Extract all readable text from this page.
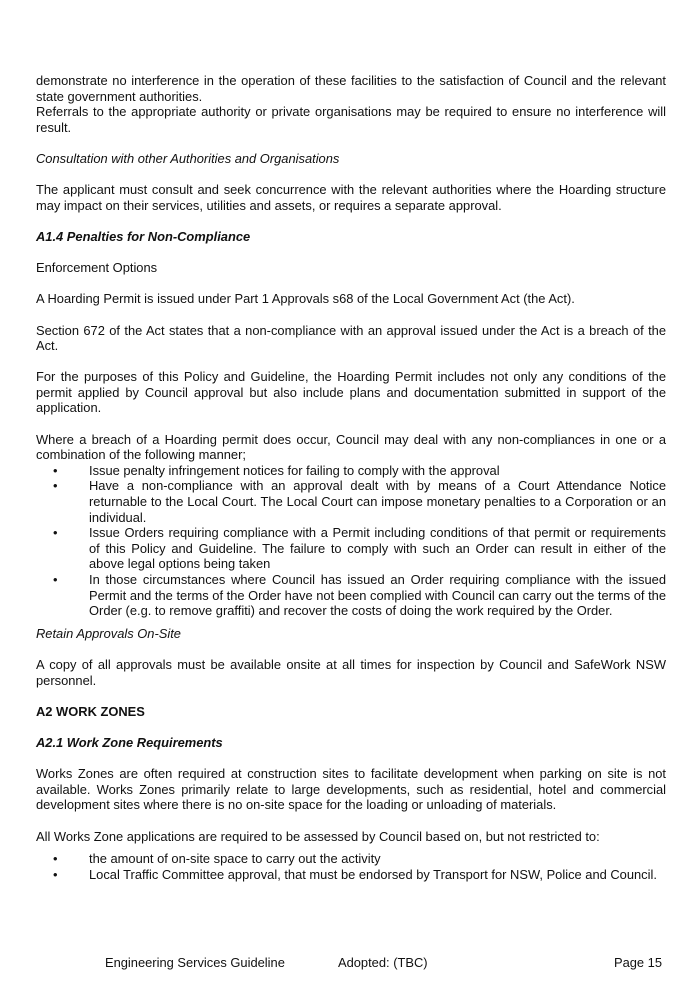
demonstrate no interference in the operation of these facilities to the satisfaction of Council and the relevant state government authorities.

Referrals to the appropriate authority or private organisations may be required to ensure no interference will result.

Consultation with other Authorities and Organisations

The applicant must consult and seek concurrence with the relevant authorities where the Hoarding structure may impact on their services, utilities and assets, or requires a separate approval.

A1.4 Penalties for Non-Compliance

Enforcement Options

A Hoarding Permit is issued under Part 1 Approvals s68 of the Local Government Act (the Act).

Section 672 of the Act states that a non-compliance with an approval issued under the Act is a breach of the Act.

For the purposes of this Policy and Guideline, the Hoarding Permit includes not only any conditions of the permit applied by Council approval but also include plans and documentation submitted in support of the application.

Where a breach of a Hoarding permit does occur, Council may deal with any non-compliances in one or a combination of the following manner;

• Issue penalty infringement notices for failing to comply with the approval
• Have a non-compliance with an approval dealt with by means of a Court Attendance Notice returnable to the Local Court. The Local Court can impose monetary penalties to a Corporation or an individual.
• Issue Orders requiring compliance with a Permit including conditions of that permit or requirements of this Policy and Guideline. The failure to comply with such an Order can result in either of the above legal options being taken
• In those circumstances where Council has issued an Order requiring compliance with the issued Permit and the terms of the Order have not been complied with Council can carry out the terms of the Order (e.g. to remove graffiti) and recover the costs of doing the work required by the Order.

Retain Approvals On-Site

A copy of all approvals must be available onsite at all times for inspection by Council and SafeWork NSW personnel.

A2 WORK ZONES

A2.1 Work Zone Requirements

Works Zones are often required at construction sites to facilitate development when parking on site is not available. Works Zones primarily relate to large developments, such as residential, hotel and commercial development sites where there is no on-site space for the loading or unloading of materials.

All Works Zone applications are required to be assessed by Council based on, but not restricted to:

• the amount of on-site space to carry out the activity
• Local Traffic Committee approval, that must be endorsed by Transport for NSW, Police and Council.
Engineering Services Guideline	Adopted: (TBC)	Page 15
